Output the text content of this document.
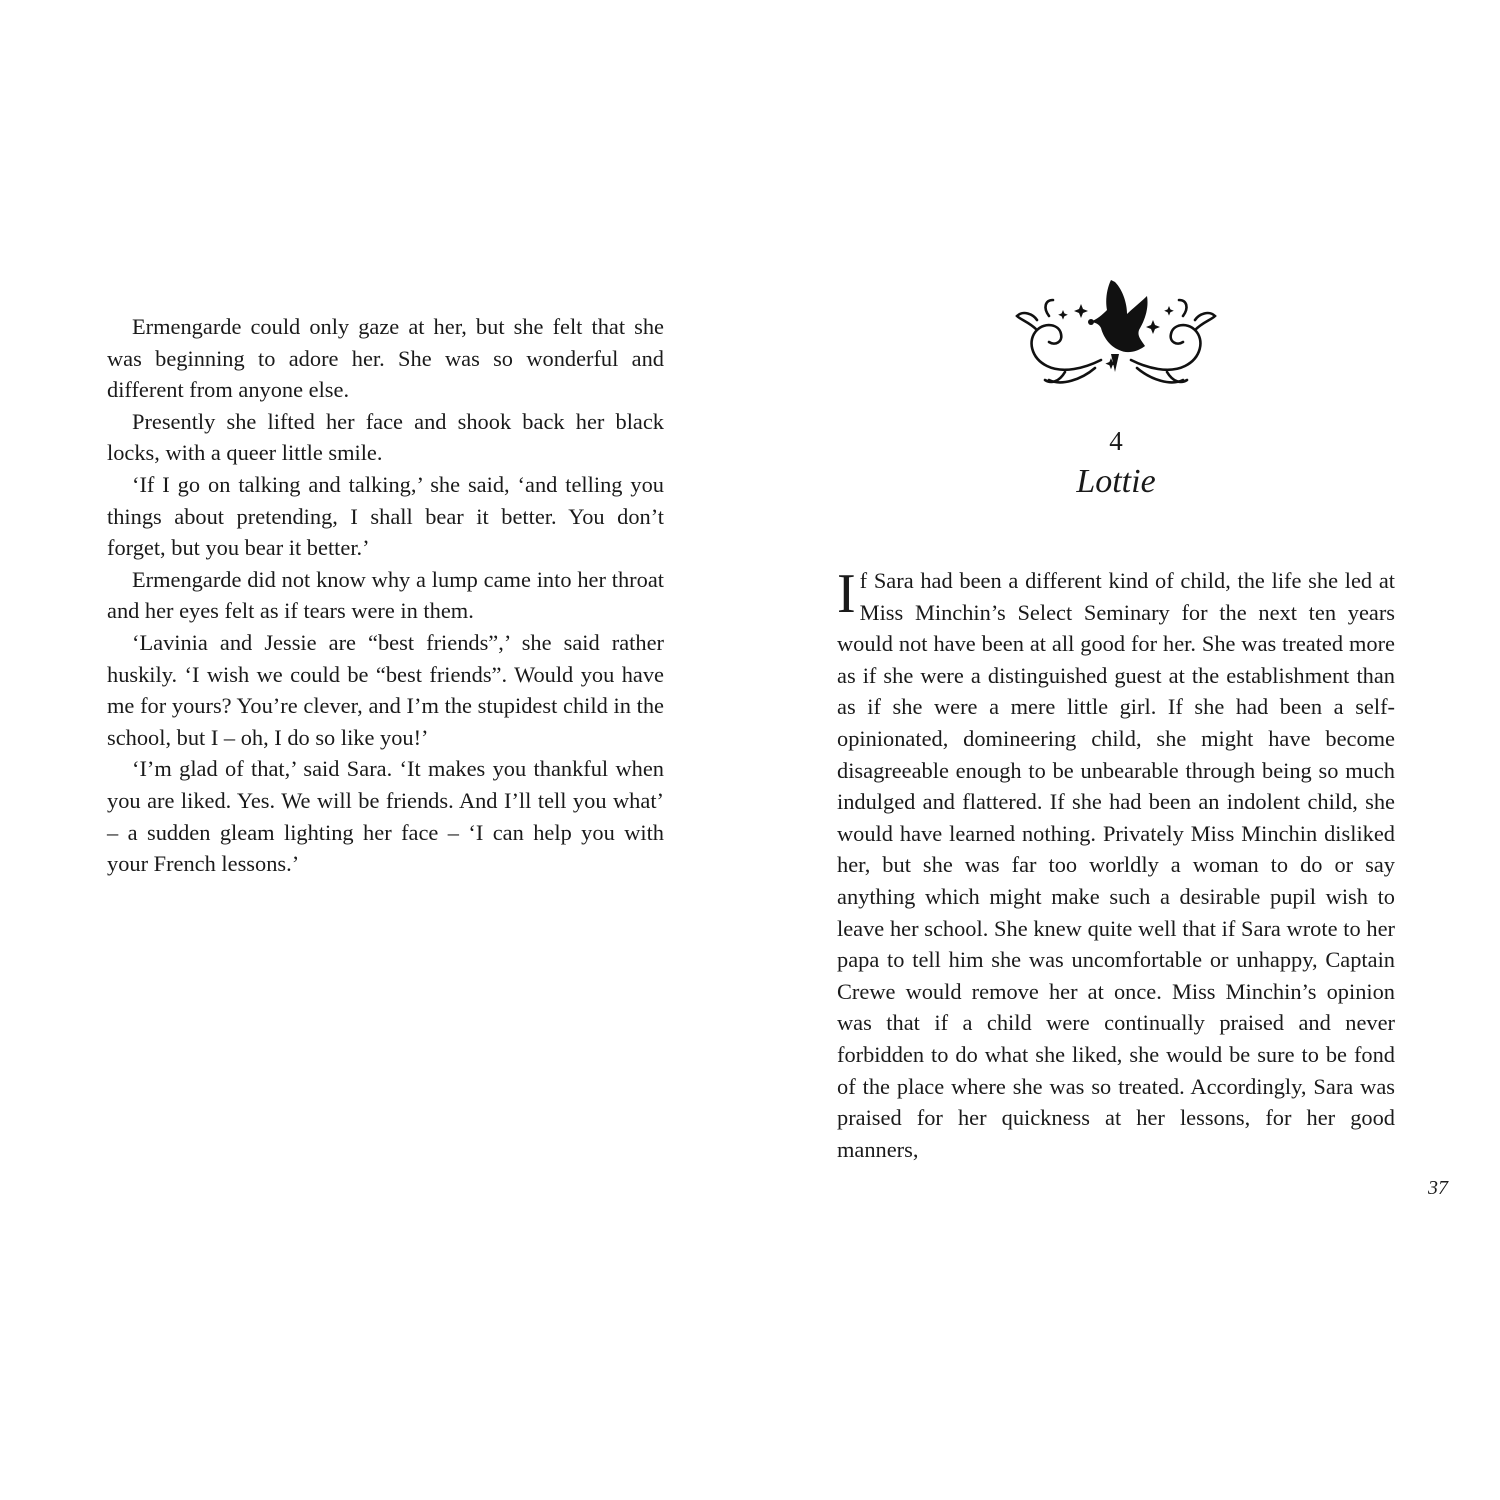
Ermengarde could only gaze at her, but she felt that she was beginning to adore her. She was so wonderful and different from anyone else.

Presently she lifted her face and shook back her black locks, with a queer little smile.

‘If I go on talking and talking,’ she said, ‘and telling you things about pretending, I shall bear it better. You don’t forget, but you bear it better.’

Ermengarde did not know why a lump came into her throat and her eyes felt as if tears were in them.

‘Lavinia and Jessie are “best friends”,’ she said rather huskily. ‘I wish we could be “best friends”. Would you have me for yours? You’re clever, and I’m the stupidest child in the school, but I – oh, I do so like you!’

‘I’m glad of that,’ said Sara. ‘It makes you thankful when you are liked. Yes. We will be friends. And I’ll tell you what’ – a sudden gleam lighting her face – ‘I can help you with your French lessons.’

4

Lottie

If Sara had been a different kind of child, the life she led at Miss Minchin’s Select Seminary for the next ten years would not have been at all good for her. She was treated more as if she were a distinguished guest at the establishment than as if she were a mere little girl. If she had been a self-opinionated, domineering child, she might have become disagreeable enough to be unbearable through being so much indulged and flattered. If she had been an indolent child, she would have learned nothing. Privately Miss Minchin disliked her, but she was far too worldly a woman to do or say anything which might make such a desirable pupil wish to leave her school. She knew quite well that if Sara wrote to her papa to tell him she was uncomfortable or unhappy, Captain Crewe would remove her at once. Miss Minchin’s opinion was that if a child were continually praised and never forbidden to do what she liked, she would be sure to be fond of the place where she was so treated. Accordingly, Sara was praised for her quickness at her lessons, for her good manners,

37
